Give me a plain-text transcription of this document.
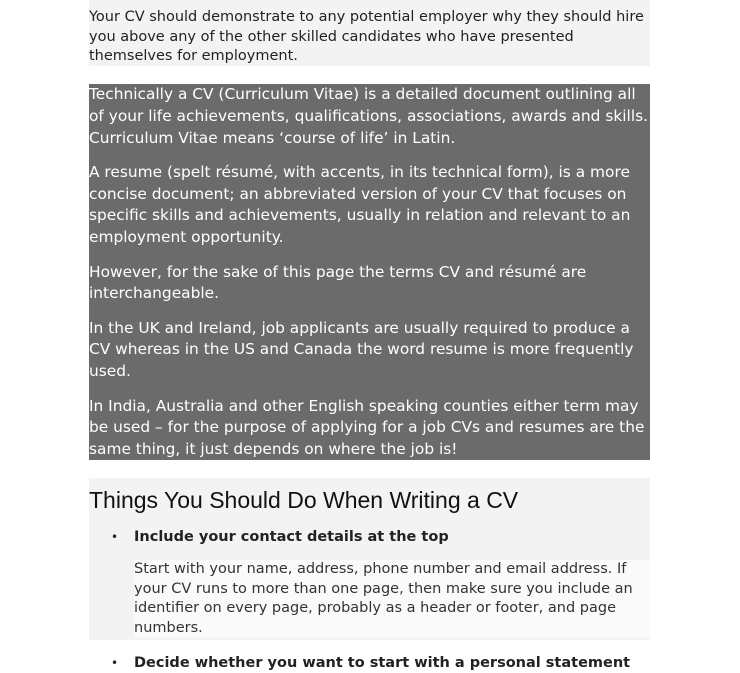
Your CV should demonstrate to any potential employer why they should hire you above any of the other skilled candidates who have presented themselves for employment.

Technically a CV (Curriculum Vitae) is a detailed document outlining all of your life achievements, qualifications, associations, awards and skills. Curriculum Vitae means ‘course of life’ in Latin.

A resume (spelt résumé, with accents, in its technical form), is a more concise document; an abbreviated version of your CV that focuses on specific skills and achievements, usually in relation and relevant to an employment opportunity.

However, for the sake of this page the terms CV and résumé are interchangeable.

In the UK and Ireland, job applicants are usually required to produce a CV whereas in the US and Canada the word resume is more frequently used.

In India, Australia and other English speaking counties either term may be used – for the purpose of applying for a job CVs and resumes are the same thing, it just depends on where the job is!

Things You Should Do When Writing a CV
• Include your contact details at the top
Start with your name, address, phone number and email address. If your CV runs to more than one page, then make sure you include an identifier on every page, probably as a header or footer, and page numbers.
• Decide whether you want to start with a personal statement
